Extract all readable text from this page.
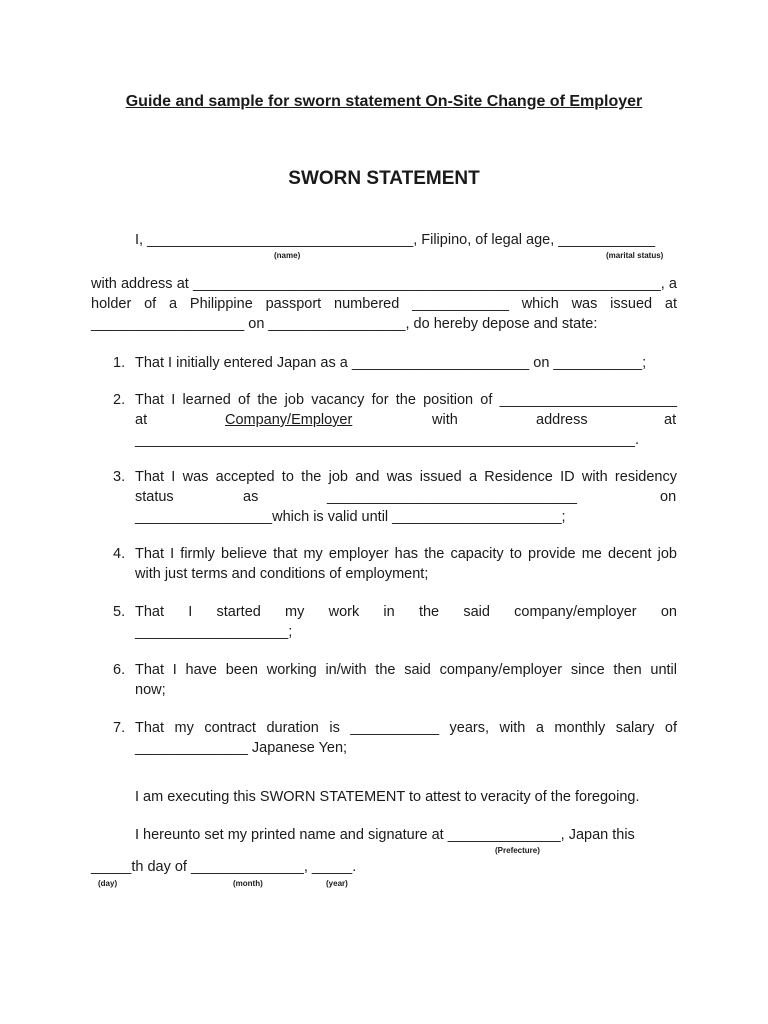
Guide and sample for sworn statement On-Site Change of Employer
SWORN STATEMENT
I, _________________________________, Filipino, of legal age, ____________
(name)	(marital status)
with address at __________________________________________________________, a
holder of a Philippine passport numbered ____________ which was issued at
___________________ on _________________, do hereby depose and state:
1. That I initially entered Japan as a ______________________ on ___________;
2. That I learned of the job vacancy for the position of ______________________
at	Company/Employer	with	address	at
______________________________________________________________.
3. That I was accepted to the job and was issued a Residence ID with residency
status	as	_______________________________	on
_________________which is valid until _____________________;
4. That I firmly believe that my employer has the capacity to provide me decent job
with just terms and conditions of employment;
5. That I started my work in the said company/employer on
___________________;
6. That I have been working in/with the said company/employer since then until
now;
7. That my contract duration is ___________ years, with a monthly salary of
______________ Japanese Yen;
I am executing this SWORN STATEMENT to attest to veracity of the foregoing.
I hereunto set my printed name and signature at ______________, Japan this
(Prefecture)
_____th day of ______________, _____.
(day)	(month)	(year)
